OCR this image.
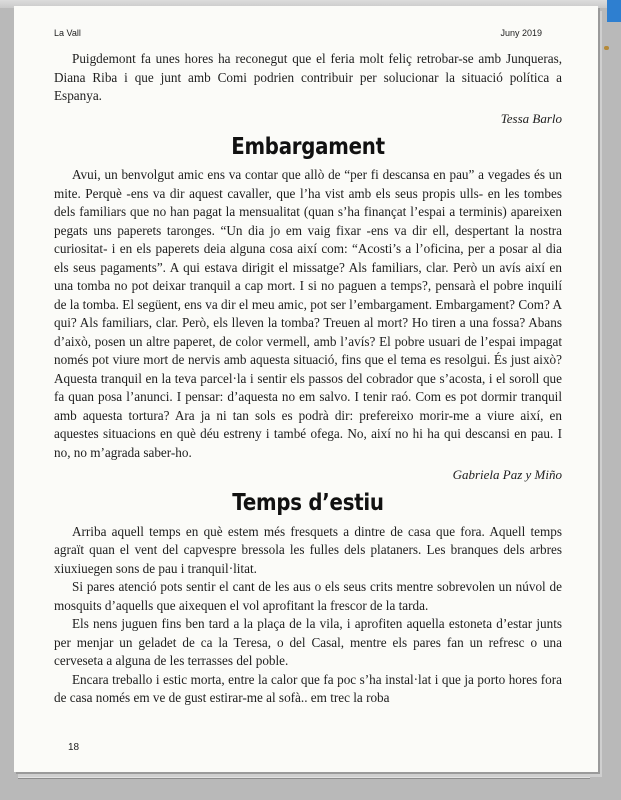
La Vall	Juny 2019

Puigdemont fa unes hores ha reconegut que el feria molt feliç retrobar-se amb Junqueras, Diana Riba i que junt amb Comi podrien contribuir per solucionar la situació política a Espanya.

Tessa Barlo
Embargament

Avui, un benvolgut amic ens va contar que allò de “per fi descansa en pau” a vegades és un mite. Perquè -ens va dir aquest cavaller, que l’ha vist amb els seus propis ulls- en les tombes dels familiars que no han pagat la mensualitat (quan s’ha finançat l’espai a terminis) apareixen pegats uns paperets taronges. “Un dia jo em vaig fixar -ens va dir ell, despertant la nostra curiositat- i en els paperets deia alguna cosa així com: “Acosti’s a l’oficina, per a posar al dia els seus pagaments”. A qui estava dirigit el missatge? Als familiars, clar. Però un avís així en una tomba no pot deixar tranquil a cap mort. I si no paguen a temps?, pensarà el pobre inquilí de la tomba. El següent, ens va dir el meu amic, pot ser l’embargament. Embargament? Com? A qui? Als familiars, clar. Però, els lleven la tomba? Treuen al mort? Ho tiren a una fossa? Abans d’això, posen un altre paperet, de color vermell, amb l’avís? El pobre usuari de l’espai impagat només pot viure mort de nervis amb aquesta situació, fins que el tema es resolgui. És just això? Aquesta tranquil en la teva parcel·la i sentir els passos del cobrador que s’acosta, i el soroll que fa quan posa l’anunci. I pensar: d’aquesta no em salvo. I tenir raó. Com es pot dormir tranquil amb aquesta tortura? Ara ja ni tan sols es podrà dir: prefereixo morir-me a viure així, en aquestes situacions en què déu estreny i també ofega. No, així no hi ha qui descansi en pau. I no, no m’agrada saber-ho.

Gabriela Paz y Miño
Temps d’estiu

Arriba aquell temps en què estem més fresquets a dintre de casa que fora. Aquell temps agraït quan el vent del capvespre bressola les fulles dels plataners. Les branques dels arbres xiuxiuegen sons de pau i tranquil·litat.

Si pares atenció pots sentir el cant de les aus o els seus crits mentre sobrevolen un núvol de mosquits d’aquells que aixequen el vol aprofitant la frescor de la tarda.

Els nens juguen fins ben tard a la plaça de la vila, i aprofiten aquella estoneta d’estar junts per menjar un geladet de ca la Teresa, o del Casal, mentre els pares fan un refresc o una cerveseta a alguna de les terrasses del poble.

Encara treballo i estic morta, entre la calor que fa poc s’ha instal·lat i que ja porto hores fora de casa només em ve de gust estirar-me al sofà.. em trec la roba

18
